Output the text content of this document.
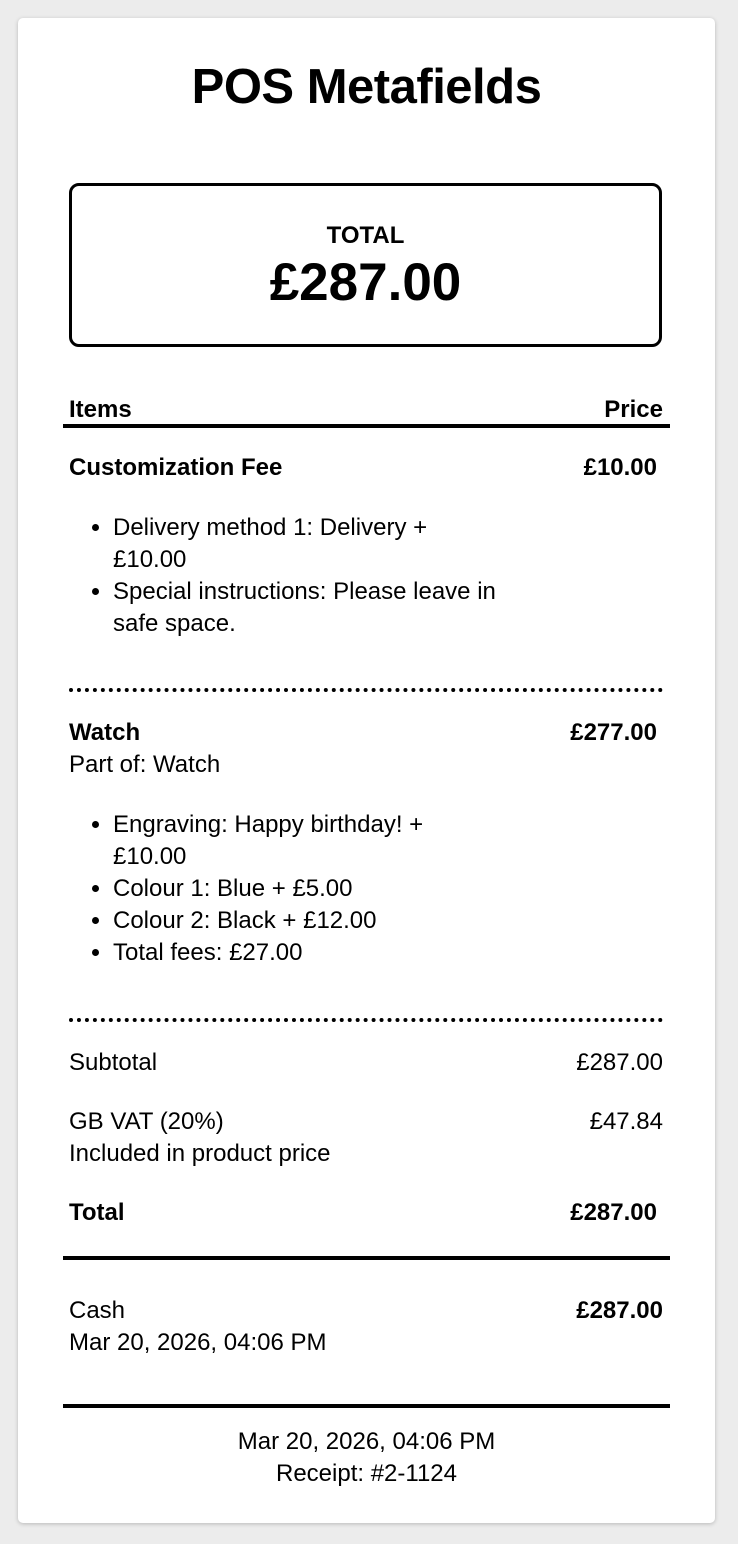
POS Metafields
TOTAL
£287.00
Items	Price
Customization Fee	£10.00
• Delivery method 1: Delivery + £10.00
• Special instructions: Please leave in safe space.
Watch	£277.00
Part of: Watch
• Engraving: Happy birthday! + £10.00
• Colour 1: Blue + £5.00
• Colour 2: Black + £12.00
• Total fees: £27.00
Subtotal	£287.00
GB VAT (20%)	£47.84
Included in product price
Total	£287.00
Cash	£287.00
Mar 20, 2026, 04:06 PM
Mar 20, 2026, 04:06 PM
Receipt: #2-1124
